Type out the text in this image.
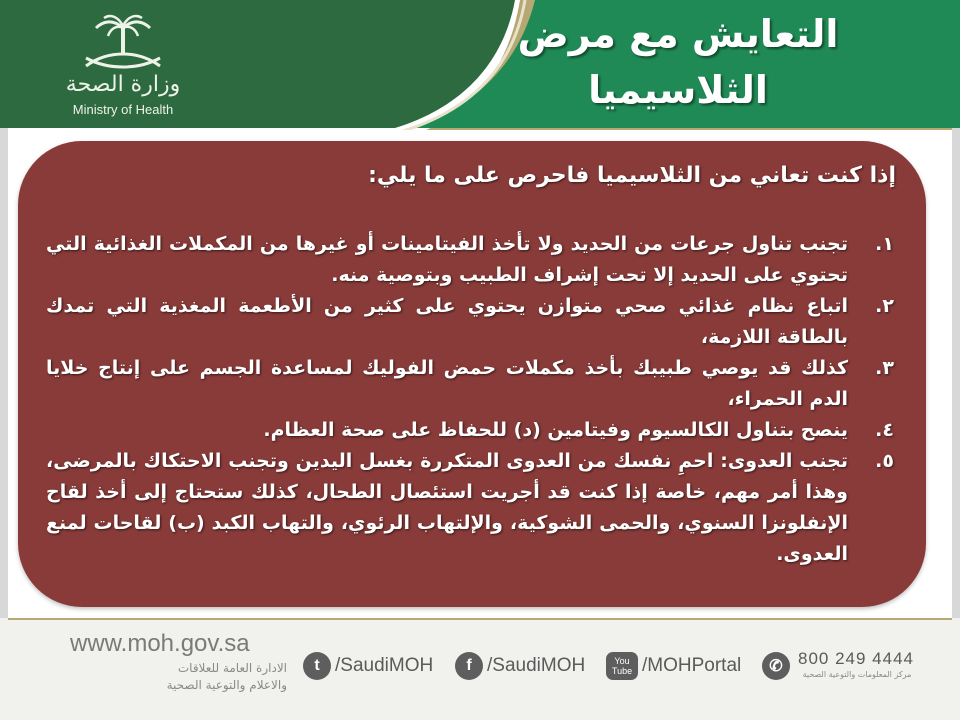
وزارة الصحة
Ministry of Health
التعايش مع مرض الثلاسيميا
إذا كنت تعاني من الثلاسيميا فاحرص على ما يلي:
١.
تجنب تناول جرعات من الحديد ولا تأخذ الفيتامينات أو غيرها من المكملات الغذائية التي تحتوي على الحديد إلا تحت إشراف الطبيب وبتوصية منه.
٢.
اتباع نظام غذائي صحي متوازن يحتوي على كثير من الأطعمة المغذية التي تمدك بالطاقة اللازمة،
٣.
كذلك قد يوصي طبيبك بأخذ مكملات حمض الفوليك لمساعدة الجسم على إنتاج خلايا الدم الحمراء،
٤.
ينصح بتناول الكالسيوم وفيتامين (د) للحفاظ على صحة العظام.
٥.
تجنب العدوى: احمِ نفسك من العدوى المتكررة بغسل اليدين وتجنب الاحتكاك بالمرضى، وهذا أمر مهم، خاصة إذا كنت قد أجريت استئصال الطحال، كذلك ستحتاج إلى أخذ لقاح الإنفلونزا السنوي، والحمى الشوكية، والإلتهاب الرئوي، والتهاب الكبد (ب) لقاحات لمنع العدوى.
www.moh.gov.sa
الادارة العامة للعلاقات
والاعلام والتوعية الصحية
t /SaudiMOH	f /SaudiMOH	You
Tube /MOHPortal	✆ 800 249 4444
مركز المعلومات والتوعية الصحية
